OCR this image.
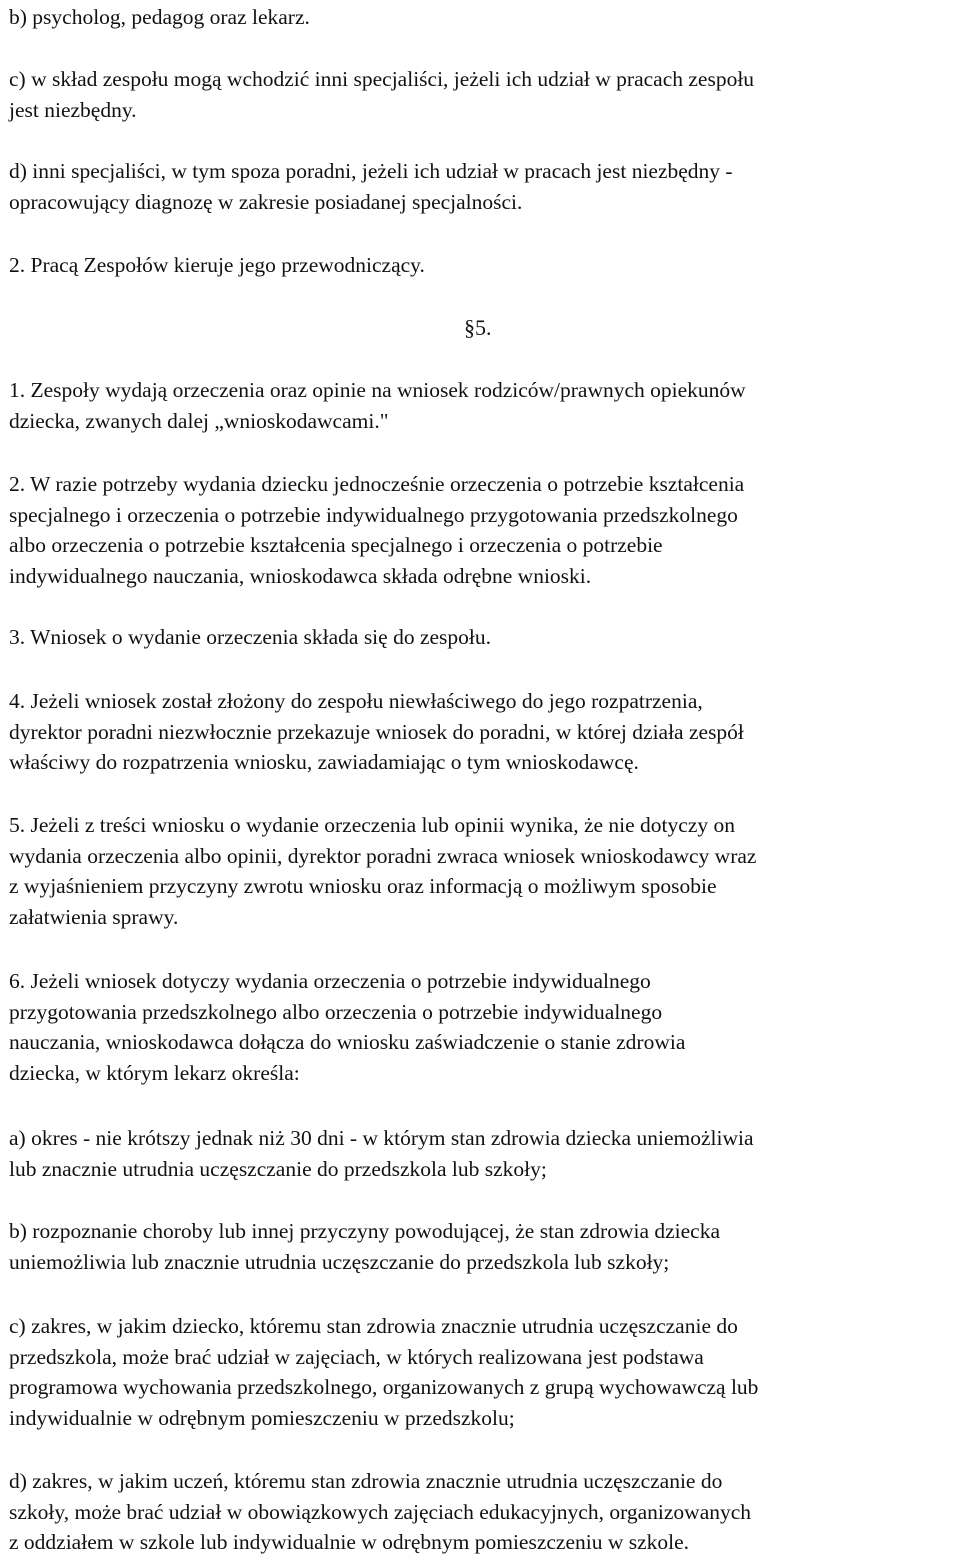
b) psycholog, pedagog oraz lekarz.

c) w skład zespołu mogą wchodzić inni specjaliści, jeżeli ich udział w pracach zespołu
jest niezbędny.

d) inni specjaliści, w tym spoza poradni, jeżeli ich udział w pracach jest niezbędny -
opracowujący diagnozę w zakresie posiadanej specjalności.

2. Pracą Zespołów kieruje jego przewodniczący.

§5.

1. Zespoły wydają orzeczenia oraz opinie na wniosek rodziców/prawnych opiekunów
dziecka, zwanych dalej „wnioskodawcami."

2. W razie potrzeby wydania dziecku jednocześnie orzeczenia o potrzebie kształcenia
specjalnego i orzeczenia o potrzebie indywidualnego przygotowania przedszkolnego
albo orzeczenia o potrzebie kształcenia specjalnego i orzeczenia o potrzebie
indywidualnego nauczania, wnioskodawca składa odrębne wnioski.

3. Wniosek o wydanie orzeczenia składa się do zespołu.

4. Jeżeli wniosek został złożony do zespołu niewłaściwego do jego rozpatrzenia,
dyrektor poradni niezwłocznie przekazuje wniosek do poradni, w której działa zespół
właściwy do rozpatrzenia wniosku, zawiadamiając o tym wnioskodawcę.

5. Jeżeli z treści wniosku o wydanie orzeczenia lub opinii wynika, że nie dotyczy on
wydania orzeczenia albo opinii, dyrektor poradni zwraca wniosek wnioskodawcy wraz
z wyjaśnieniem przyczyny zwrotu wniosku oraz informacją o możliwym sposobie
załatwienia sprawy.

6. Jeżeli wniosek dotyczy wydania orzeczenia o potrzebie indywidualnego
przygotowania przedszkolnego albo orzeczenia o potrzebie indywidualnego
nauczania, wnioskodawca dołącza do wniosku zaświadczenie o stanie zdrowia
dziecka, w którym lekarz określa:

a) okres - nie krótszy jednak niż 30 dni - w którym stan zdrowia dziecka uniemożliwia
lub znacznie utrudnia uczęszczanie do przedszkola lub szkoły;

b) rozpoznanie choroby lub innej przyczyny powodującej, że stan zdrowia dziecka
uniemożliwia lub znacznie utrudnia uczęszczanie do przedszkola lub szkoły;

c) zakres, w jakim dziecko, któremu stan zdrowia znacznie utrudnia uczęszczanie do
przedszkola, może brać udział w zajęciach, w których realizowana jest podstawa
programowa wychowania przedszkolnego, organizowanych z grupą wychowawczą lub
indywidualnie w odrębnym pomieszczeniu w przedszkolu;

d) zakres, w jakim uczeń, któremu stan zdrowia znacznie utrudnia uczęszczanie do
szkoły, może brać udział w obowiązkowych zajęciach edukacyjnych, organizowanych
z oddziałem w szkole lub indywidualnie w odrębnym pomieszczeniu w szkole.
